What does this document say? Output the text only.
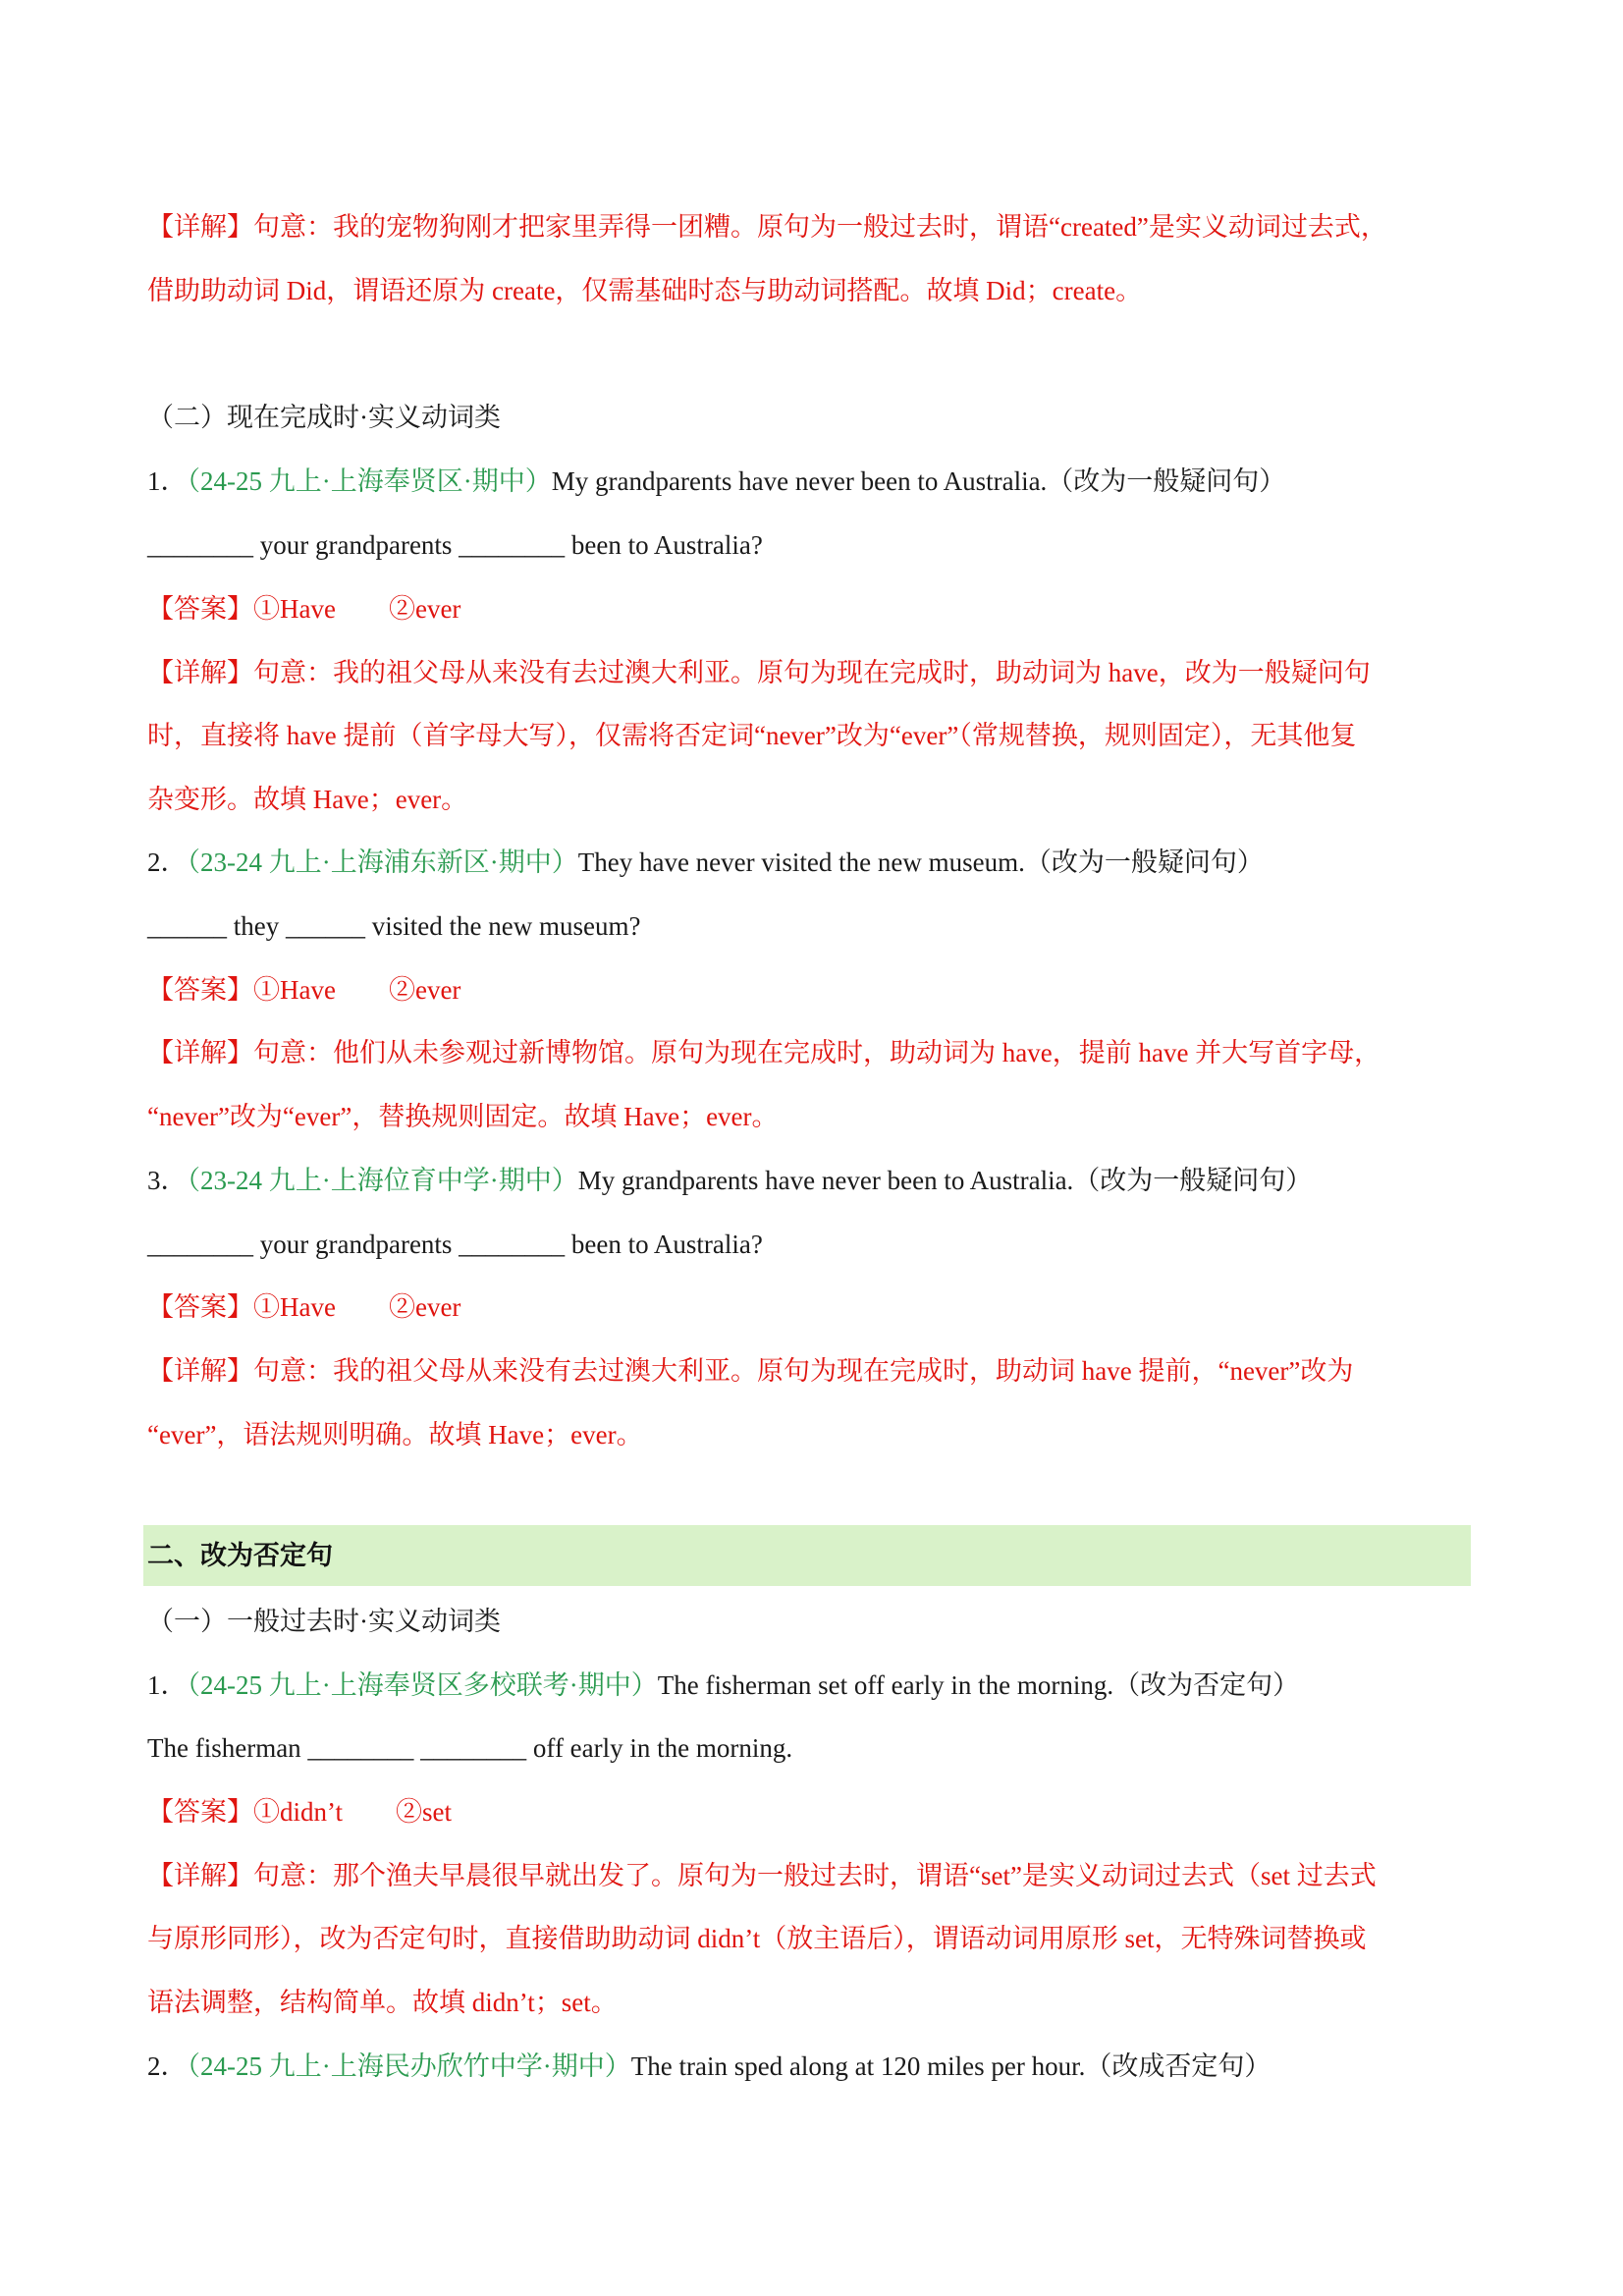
【详解】句意：我的宠物狗刚才把家里弄得一团糟。原句为一般过去时，谓语“created”是实义动词过去式，
借助助动词 Did，谓语还原为 create，仅需基础时态与助动词搭配。故填 Did；create。
（二）现在完成时·实义动词类
1．（24-25 九上·上海奉贤区·期中）My grandparents have never been to Australia.（改为一般疑问句）
________ your grandparents ________ been to Australia?
【答案】①Have　　②ever
【详解】句意：我的祖父母从来没有去过澳大利亚。原句为现在完成时，助动词为 have，改为一般疑问句
时，直接将 have 提前（首字母大写），仅需将否定词“never”改为“ever”（常规替换，规则固定），无其他复
杂变形。故填 Have；ever。
2．（23-24 九上·上海浦东新区·期中）They have never visited the new museum.（改为一般疑问句）
______ they ______ visited the new museum?
【答案】①Have　　②ever
【详解】句意：他们从未参观过新博物馆。原句为现在完成时，助动词为 have，提前 have 并大写首字母，
“never”改为“ever”，替换规则固定。故填 Have；ever。
3．（23-24 九上·上海位育中学·期中）My grandparents have never been to Australia.（改为一般疑问句）
________ your grandparents ________ been to Australia?
【答案】①Have　　②ever
【详解】句意：我的祖父母从来没有去过澳大利亚。原句为现在完成时，助动词 have 提前，“never”改为
“ever”，语法规则明确。故填 Have；ever。
二、改为否定句
（一）一般过去时·实义动词类
1．（24-25 九上·上海奉贤区多校联考·期中）The fisherman set off early in the morning.（改为否定句）
The fisherman ________ ________ off early in the morning.
【答案】①didn’t　　②set
【详解】句意：那个渔夫早晨很早就出发了。原句为一般过去时，谓语“set”是实义动词过去式（set 过去式
与原形同形），改为否定句时，直接借助助动词 didn’t（放主语后），谓语动词用原形 set，无特殊词替换或
语法调整，结构简单。故填 didn’t；set。
2．（24-25 九上·上海民办欣竹中学·期中）The train sped along at 120 miles per hour.（改成否定句）
